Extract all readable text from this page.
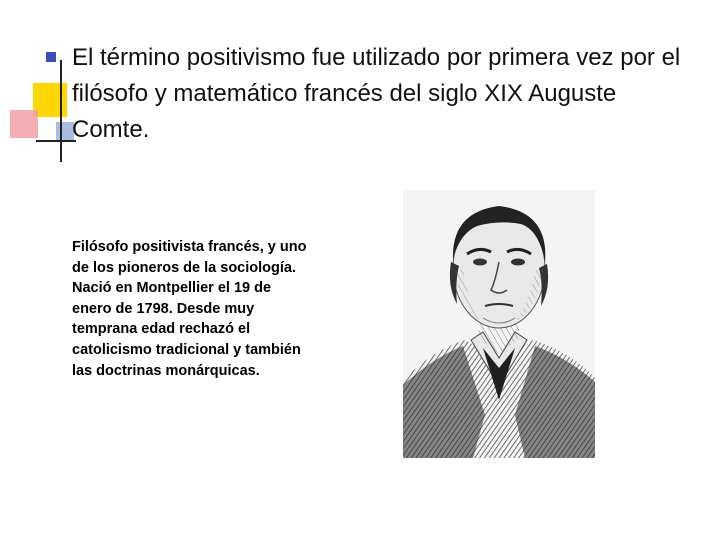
El término positivismo fue utilizado por primera vez por el filósofo y matemático francés del siglo XIX Auguste Comte.
Filósofo positivista francés, y uno de los pioneros de la sociología. Nació en Montpellier el 19 de enero de 1798. Desde muy temprana edad rechazó el catolicismo tradicional y también las doctrinas monárquicas.
